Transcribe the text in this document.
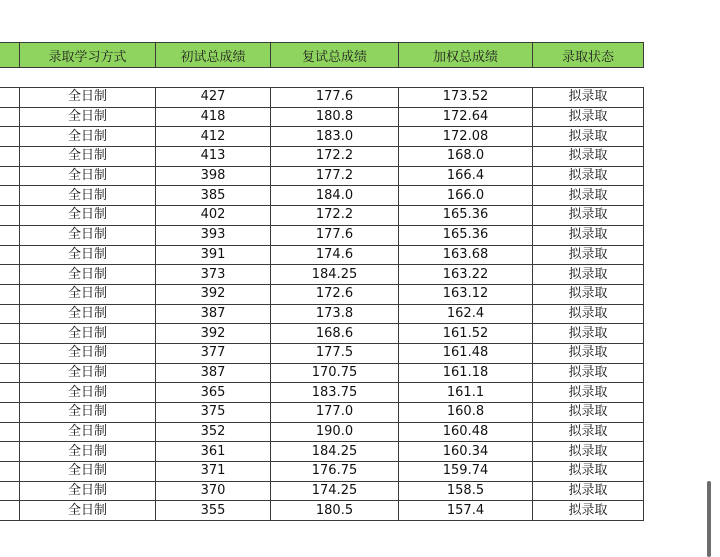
	录取学习方式	初试总成绩	复试总成绩	加权总成绩	录取状态

	全日制	427	177.6	173.52	拟录取
	全日制	418	180.8	172.64	拟录取
	全日制	412	183.0	172.08	拟录取
	全日制	413	172.2	168.0	拟录取
	全日制	398	177.2	166.4	拟录取
	全日制	385	184.0	166.0	拟录取
	全日制	402	172.2	165.36	拟录取
	全日制	393	177.6	165.36	拟录取
	全日制	391	174.6	163.68	拟录取
	全日制	373	184.25	163.22	拟录取
	全日制	392	172.6	163.12	拟录取
	全日制	387	173.8	162.4	拟录取
	全日制	392	168.6	161.52	拟录取
	全日制	377	177.5	161.48	拟录取
	全日制	387	170.75	161.18	拟录取
	全日制	365	183.75	161.1	拟录取
	全日制	375	177.0	160.8	拟录取
	全日制	352	190.0	160.48	拟录取
	全日制	361	184.25	160.34	拟录取
	全日制	371	176.75	159.74	拟录取
	全日制	370	174.25	158.5	拟录取
	全日制	355	180.5	157.4	拟录取
